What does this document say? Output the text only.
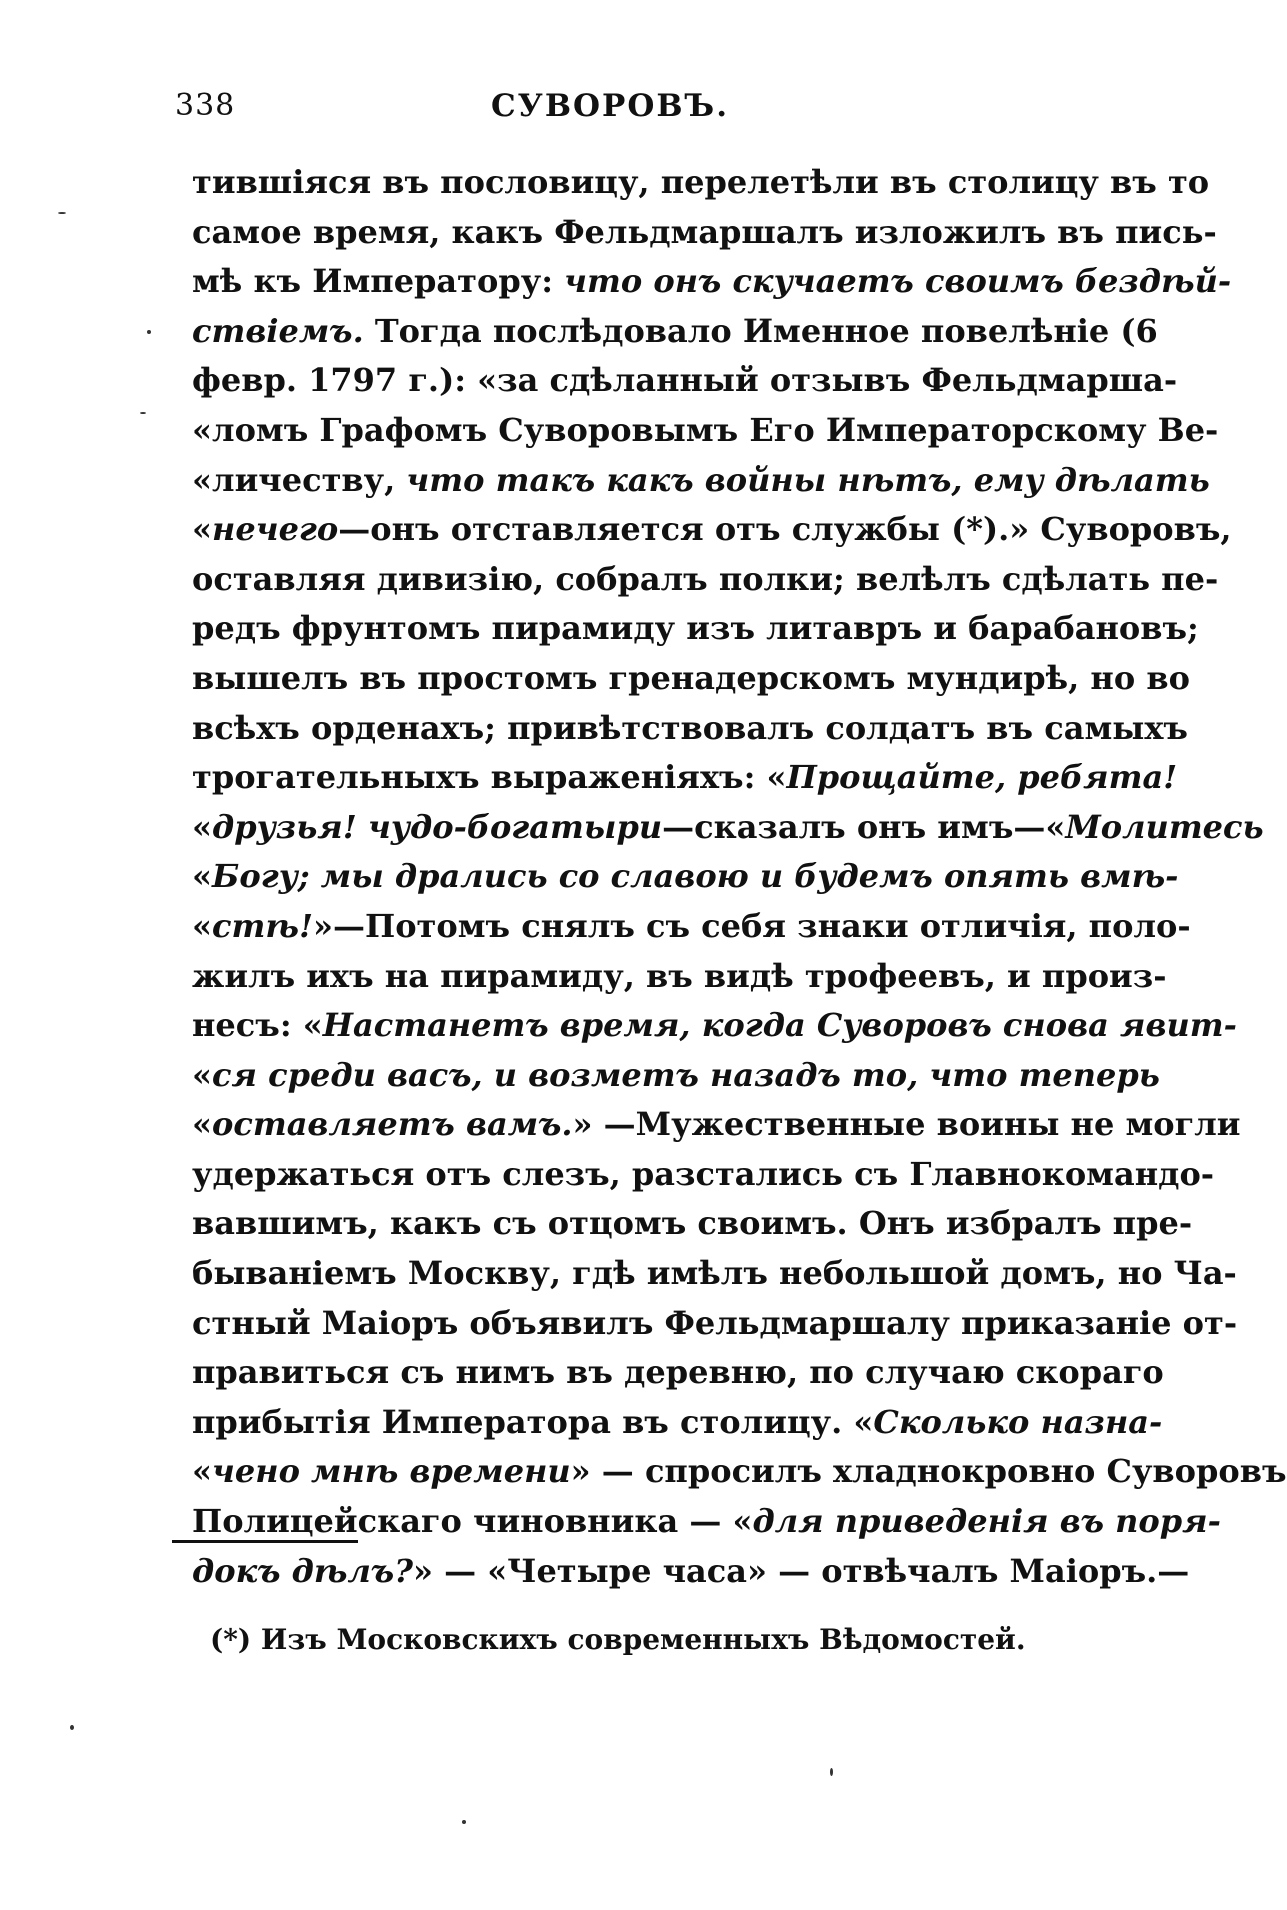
338	СУВОРОВЪ.
тившіяся въ пословицу, перелетѣли въ столицу въ то
самое время, какъ Фельдмаршалъ изложилъ въ пись-
мѣ къ Императору: что онъ скучаетъ своимъ бездѣй-
ствіемъ. Тогда послѣдовало Именное повелѣніе (6
февр. 1797 г.): «за сдѣланный отзывъ Фельдмарша-
«ломъ Графомъ Суворовымъ Его Императорскому Ве-
«личеству, что такъ какъ войны нѣтъ, ему дѣлать
«нечего—онъ отставляется отъ службы (*).» Суворовъ,
оставляя дивизію, собралъ полки; велѣлъ сдѣлать пе-
редъ фрунтомъ пирамиду изъ литавръ и барабановъ;
вышелъ въ простомъ гренадерскомъ мундирѣ, но во
всѣхъ орденахъ; привѣтствовалъ солдатъ въ самыхъ
трогательныхъ выраженіяхъ: «Прощайте, ребята!
«друзья! чудо-богатыри—сказалъ онъ имъ—«Молитесь
«Богу; мы дрались со славою и будемъ опять вмѣ-
«стѣ!»—Потомъ снялъ съ себя знаки отличія, поло-
жилъ ихъ на пирамиду, въ видѣ трофеевъ, и произ-
несъ: «Настанетъ время, когда Суворовъ снова явит-
«ся среди васъ, и возметъ назадъ то, что теперь
«оставляетъ вамъ.» —Мужественные воины не могли
удержаться отъ слезъ, разстались съ Главнокомандо-
вавшимъ, какъ съ отцомъ своимъ. Онъ избралъ пре-
быванiемъ Москву, гдѣ имѣлъ небольшой домъ, но Ча-
стный Маіоръ объявилъ Фельдмаршалу приказаніе от-
правиться съ нимъ въ деревню, по случаю скораго
прибытія Императора въ столицу. «Сколько назна-
«чено мнѣ времени» — спросилъ хладнокровно Суворовъ
Полицейскаго чиновника — «для приведенія въ поря-
докъ дѣлъ?» — «Четыре часа» — отвѣчалъ Маіоръ.—
(*) Изъ Московскихъ современныхъ Вѣдомостей.
